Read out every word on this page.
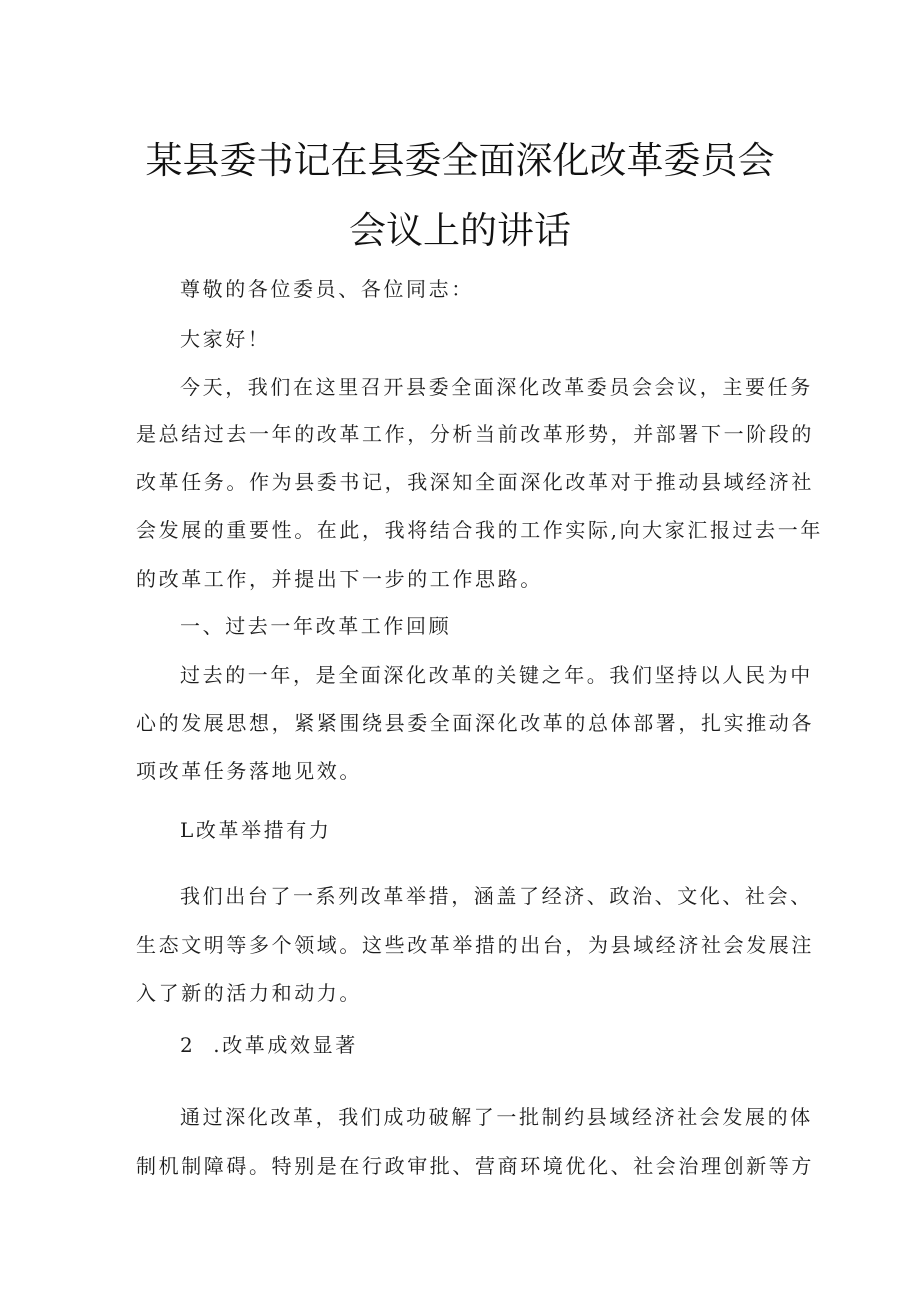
某县委书记在县委全面深化改革委员会
会议上的讲话
尊敬的各位委员、各位同志：
大家好！
今天，我们在这里召开县委全面深化改革委员会会议，主要任务
是总结过去一年的改革工作，分析当前改革形势，并部署下一阶段的
改革任务。作为县委书记，我深知全面深化改革对于推动县域经济社
会发展的重要性。在此，我将结合我的工作实际,向大家汇报过去一年
的改革工作，并提出下一步的工作思路。
一、过去一年改革工作回顾
过去的一年，是全面深化改革的关键之年。我们坚持以人民为中
心的发展思想，紧紧围绕县委全面深化改革的总体部署，扎实推动各
项改革任务落地见效。
L改革举措有力
我们出台了一系列改革举措，涵盖了经济、政治、文化、社会、
生态文明等多个领域。这些改革举措的出台，为县域经济社会发展注
入了新的活力和动力。
2  .改革成效显著
通过深化改革，我们成功破解了一批制约县域经济社会发展的体
制机制障碍。特别是在行政审批、营商环境优化、社会治理创新等方
